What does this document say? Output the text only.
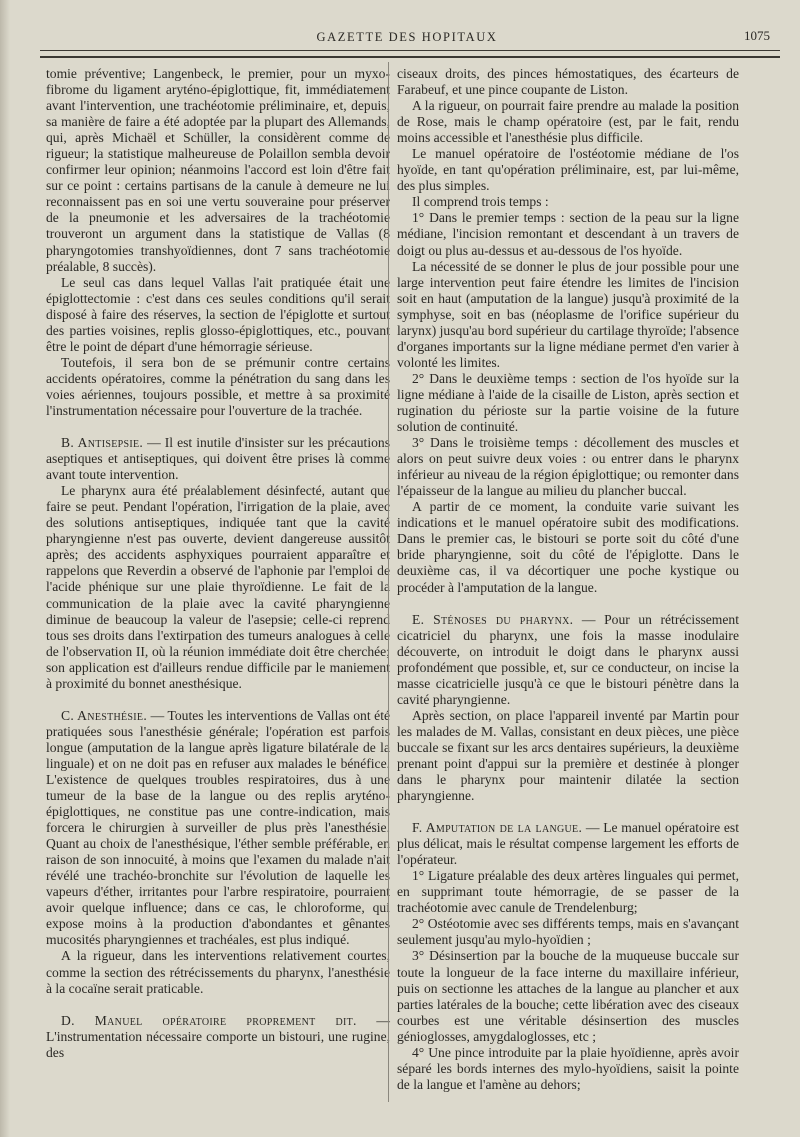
GAZETTE DES HOPITAUX	1075

tomie préventive; Langenbeck, le premier, pour un myxo-fibrome du ligament aryténo-épiglottique, fit, immédiatement avant l'intervention, une trachéotomie préliminaire, et, depuis, sa manière de faire a été adoptée par la plupart des Allemands, qui, après Michaël et Schüller, la considèrent comme de rigueur; la statistique malheureuse de Polaillon sembla devoir confirmer leur opinion; néanmoins l'accord est loin d'être fait sur ce point : certains partisans de la canule à demeure ne lui reconnaissent pas en soi une vertu souveraine pour préserver de la pneumonie et les adversaires de la trachéotomie trouveront un argument dans la statistique de Vallas (8 pharyngotomies transhyoïdiennes, dont 7 sans trachéotomie préalable, 8 succès).

Le seul cas dans lequel Vallas l'ait pratiquée était une épiglottectomie : c'est dans ces seules conditions qu'il serait disposé à faire des réserves, la section de l'épiglotte et surtout des parties voisines, replis glosso-épiglottiques, etc., pouvant être le point de départ d'une hémorragie sérieuse.

Toutefois, il sera bon de se prémunir contre certains accidents opératoires, comme la pénétration du sang dans les voies aériennes, toujours possible, et mettre à sa proximité l'instrumentation nécessaire pour l'ouverture de la trachée.

B. Antisepsie. — Il est inutile d'insister sur les précautions aseptiques et antiseptiques, qui doivent être prises là comme avant toute intervention.

Le pharynx aura été préalablement désinfecté, autant que faire se peut. Pendant l'opération, l'irrigation de la plaie, avec des solutions antiseptiques, indiquée tant que la cavité pharyngienne n'est pas ouverte, devient dangereuse aussitôt après; des accidents asphyxiques pourraient apparaître et rappelons que Reverdin a observé de l'aphonie par l'emploi de l'acide phénique sur une plaie thyroïdienne. Le fait de la communication de la plaie avec la cavité pharyngienne diminue de beaucoup la valeur de l'asepsie; celle-ci reprend tous ses droits dans l'extirpation des tumeurs analogues à celle de l'observation II, où la réunion immédiate doit être cherchée; son application est d'ailleurs rendue difficile par le maniement à proximité du bonnet anesthésique.

C. Anesthésie. — Toutes les interventions de Vallas ont été pratiquées sous l'anesthésie générale; l'opération est parfois longue (amputation de la langue après ligature bilatérale de la linguale) et on ne doit pas en refuser aux malades le bénéfice. L'existence de quelques troubles respiratoires, dus à une tumeur de la base de la langue ou des replis aryténo-épiglottiques, ne constitue pas une contre-indication, mais forcera le chirurgien à surveiller de plus près l'anesthésie. Quant au choix de l'anesthésique, l'éther semble préférable, en raison de son innocuité, à moins que l'examen du malade n'ait révélé une trachéo-bronchite sur l'évolution de laquelle les vapeurs d'éther, irritantes pour l'arbre respiratoire, pourraient avoir quelque influence; dans ce cas, le chloroforme, qui expose moins à la production d'abondantes et gênantes mucosités pharyngiennes et trachéales, est plus indiqué.

A la rigueur, dans les interventions relativement courtes, comme la section des rétrécissements du pharynx, l'anesthésie à la cocaïne serait praticable.

D. Manuel opératoire proprement dit. — L'instrumentation nécessaire comporte un bistouri, une rugine, des

ciseaux droits, des pinces hémostatiques, des écarteurs de Farabeuf, et une pince coupante de Liston.

A la rigueur, on pourrait faire prendre au malade la position de Rose, mais le champ opératoire (est, par le fait, rendu moins accessible et l'anesthésie plus difficile.

Le manuel opératoire de l'ostéotomie médiane de l'os hyoïde, en tant qu'opération préliminaire, est, par lui-même, des plus simples.

Il comprend trois temps :

1° Dans le premier temps : section de la peau sur la ligne médiane, l'incision remontant et descendant à un travers de doigt ou plus au-dessus et au-dessous de l'os hyoïde.

La nécessité de se donner le plus de jour possible pour une large intervention peut faire étendre les limites de l'incision soit en haut (amputation de la langue) jusqu'à proximité de la symphyse, soit en bas (néoplasme de l'orifice supérieur du larynx) jusqu'au bord supérieur du cartilage thyroïde; l'absence d'organes importants sur la ligne médiane permet d'en varier à volonté les limites.

2° Dans le deuxième temps : section de l'os hyoïde sur la ligne médiane à l'aide de la cisaille de Liston, après section et rugination du périoste sur la partie voisine de la future solution de continuité.

3° Dans le troisième temps : décollement des muscles et alors on peut suivre deux voies : ou entrer dans le pharynx inférieur au niveau de la région épiglottique; ou remonter dans l'épaisseur de la langue au milieu du plancher buccal.

A partir de ce moment, la conduite varie suivant les indications et le manuel opératoire subit des modifications. Dans le premier cas, le bistouri se porte soit du côté d'une bride pharyngienne, soit du côté de l'épiglotte. Dans le deuxième cas, il va décortiquer une poche kystique ou procéder à l'amputation de la langue.

E. Sténoses du pharynx. — Pour un rétrécissement cicatriciel du pharynx, une fois la masse inodulaire découverte, on introduit le doigt dans le pharynx aussi profondément que possible, et, sur ce conducteur, on incise la masse cicatricielle jusqu'à ce que le bistouri pénètre dans la cavité pharyngienne.

Après section, on place l'appareil inventé par Martin pour les malades de M. Vallas, consistant en deux pièces, une pièce buccale se fixant sur les arcs dentaires supérieurs, la deuxième prenant point d'appui sur la première et destinée à plonger dans le pharynx pour maintenir dilatée la section pharyngienne.

F. Amputation de la langue. — Le manuel opératoire est plus délicat, mais le résultat compense largement les efforts de l'opérateur.

1° Ligature préalable des deux artères linguales qui permet, en supprimant toute hémorragie, de se passer de la trachéotomie avec canule de Trendelenburg;

2° Ostéotomie avec ses différents temps, mais en s'avançant seulement jusqu'au mylo-hyoïdien ;

3° Désinsertion par la bouche de la muqueuse buccale sur toute la longueur de la face interne du maxillaire inférieur, puis on sectionne les attaches de la langue au plancher et aux parties latérales de la bouche; cette libération avec des ciseaux courbes est une véritable désinsertion des muscles génioglosses, amygdaloglosses, etc ;

4° Une pince introduite par la plaie hyoïdienne, après avoir séparé les bords internes des mylo-hyoïdiens, saisit la pointe de la langue et l'amène au dehors;
